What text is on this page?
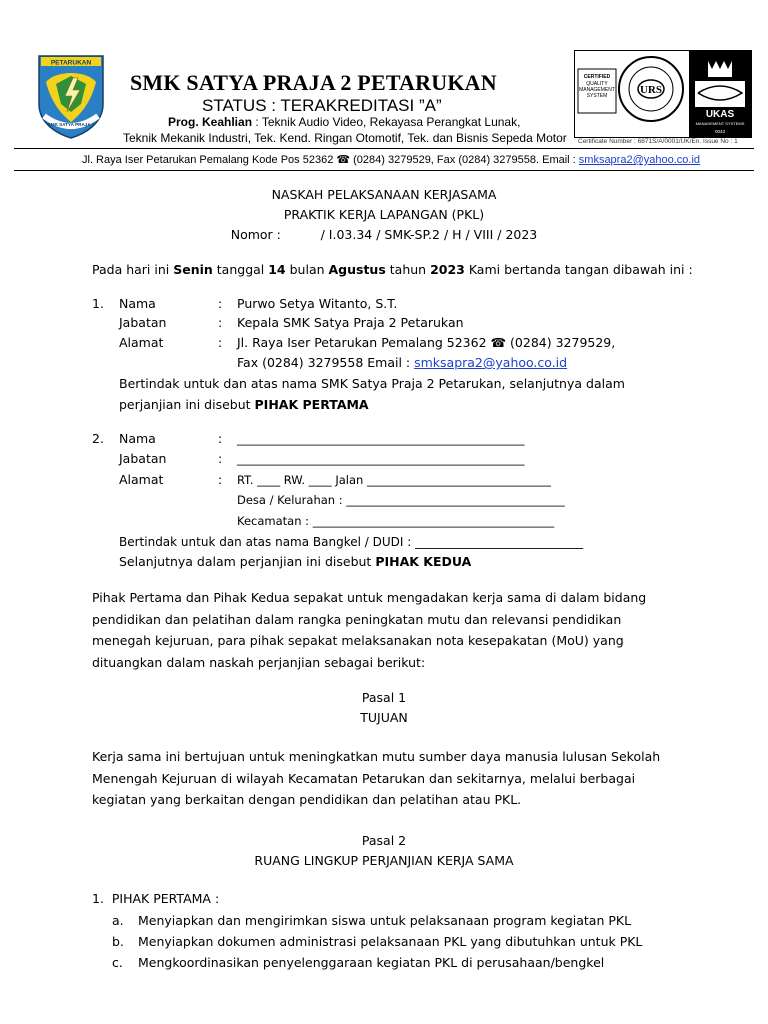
PETARUKAN
SMK SATYA PRAJA 2
SMK SATYA PRAJA 2 PETARUKAN
STATUS : TERAKREDITASI ”A”
Prog. Keahlian : Teknik Audio Video, Rekayasa Perangkat Lunak,
Teknik Mekanik Industri, Tek. Kend. Ringan Otomotif, Tek. dan Bisnis Sepeda Motor
CERTIFIED
QUALITY
MANAGEMENT
SYSTEM	URS
UKAS
MANAGEMENT SYSTEMS
0043
Certificate Number : 6871S/A/0001/UK/En. Issue No : 1
Jl. Raya Iser Petarukan Pemalang Kode Pos 52362 ☎ (0284) 3279529, Fax (0284) 3279558. Email : smksapra2@yahoo.co.id
NASKAH PELAKSANAAN KERJASAMA
PRAKTIK KERJA LAPANGAN (PKL)
Nomor :          / I.03.34 / SMK-SP.2 / H / VIII / 2023
Pada hari ini Senin tanggal 14 bulan Agustus tahun 2023 Kami bertanda tangan dibawah ini :
1. Nama	: Purwo Setya Witanto, S.T.
Jabatan	: Kepala SMK Satya Praja 2 Petarukan
Alamat	: Jl. Raya Iser Petarukan Pemalang 52362 ☎ (0284) 3279529,
Fax (0284) 3279558 Email : smksapra2@yahoo.co.id
Bertindak untuk dan atas nama SMK Satya Praja 2 Petarukan, selanjutnya dalam
perjanjian ini disebut PIHAK PERTAMA
2. Nama	: __________________________________________________
Jabatan	: __________________________________________________
Alamat	: RT. ____ RW. ____ Jalan ________________________________
Desa / Kelurahan : ______________________________________
Kecamatan : __________________________________________
Bertindak untuk dan atas nama Bangkel / DUDI : ____________________________
Selanjutnya dalam perjanjian ini disebut PIHAK KEDUA
Pihak Pertama dan Pihak Kedua sepakat untuk mengadakan kerja sama di dalam bidang
pendidikan dan pelatihan dalam rangka peningkatan mutu dan relevansi pendidikan
menegah kejuruan, para pihak sepakat melaksanakan nota kesepakatan (MoU) yang
dituangkan dalam naskah perjanjian sebagai berikut:
Pasal 1
TUJUAN
Kerja sama ini bertujuan untuk meningkatkan mutu sumber daya manusia lulusan Sekolah
Menengah Kejuruan di wilayah Kecamatan Petarukan dan sekitarnya, melalui berbagai
kegiatan yang berkaitan dengan pendidikan dan pelatihan atau PKL.
Pasal 2
RUANG LINGKUP PERJANJIAN KERJA SAMA
1.  PIHAK PERTAMA :
a. Menyiapkan dan mengirimkan siswa untuk pelaksanaan program kegiatan PKL
b. Menyiapkan dokumen administrasi pelaksanaan PKL yang dibutuhkan untuk PKL
c. Mengkoordinasikan penyelenggaraan kegiatan PKL di perusahaan/bengkel
